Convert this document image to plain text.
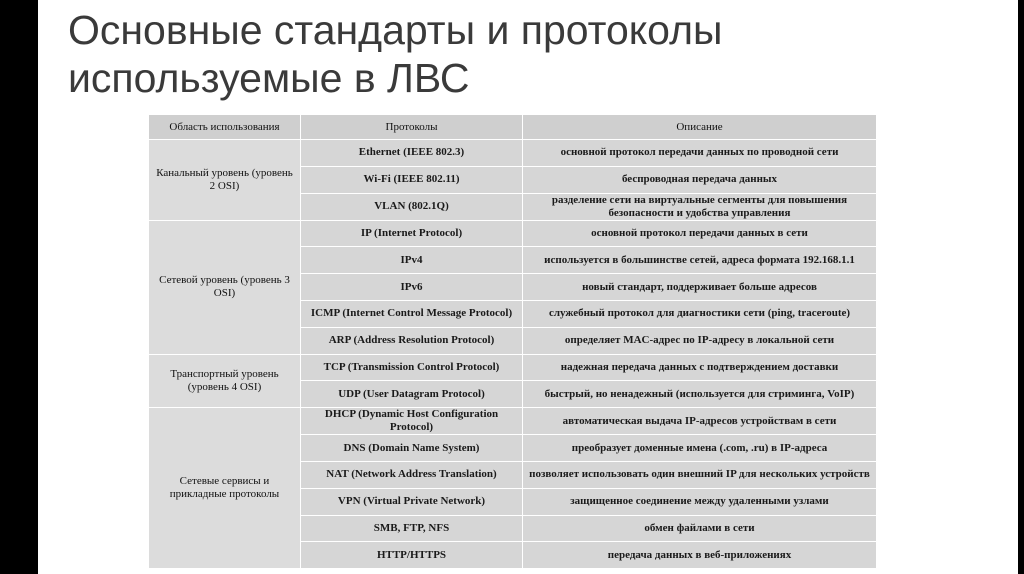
Основные стандарты и протоколы
используемые в ЛВС
Область использования	Протоколы	Описание
Канальный уровень (уровень 2 OSI)	Ethernet (IEEE 802.3)	основной протокол передачи данных по проводной сети
	Wi-Fi (IEEE 802.11)	беспроводная передача данных
	VLAN (802.1Q)	разделение сети на виртуальные сегменты для повышения безопасности и удобства управления
Сетевой уровень (уровень 3 OSI)	IP (Internet Protocol)	основной протокол передачи данных в сети
	IPv4	используется в большинстве сетей, адреса формата 192.168.1.1
	IPv6	новый стандарт, поддерживает больше адресов
	ICMP (Internet Control Message Protocol)	служебный протокол для диагностики сети (ping, traceroute)
	ARP (Address Resolution Protocol)	определяет MAC-адрес по IP-адресу в локальной сети
Транспортный уровень (уровень 4 OSI)	TCP (Transmission Control Protocol)	надежная передача данных с подтверждением доставки
	UDP (User Datagram Protocol)	быстрый, но ненадежный (используется для стриминга, VoIP)
Сетевые сервисы и прикладные протоколы	DHCP (Dynamic Host Configuration Protocol)	автоматическая выдача IP-адресов устройствам в сети
	DNS (Domain Name System)	преобразует доменные имена (.com, .ru) в IP-адреса
	NAT (Network Address Translation)	позволяет использовать один внешний IP для нескольких устройств
	VPN (Virtual Private Network)	защищенное соединение между удаленными узлами
	SMB, FTP, NFS	обмен файлами в сети
	HTTP/HTTPS	передача данных в веб-приложениях
